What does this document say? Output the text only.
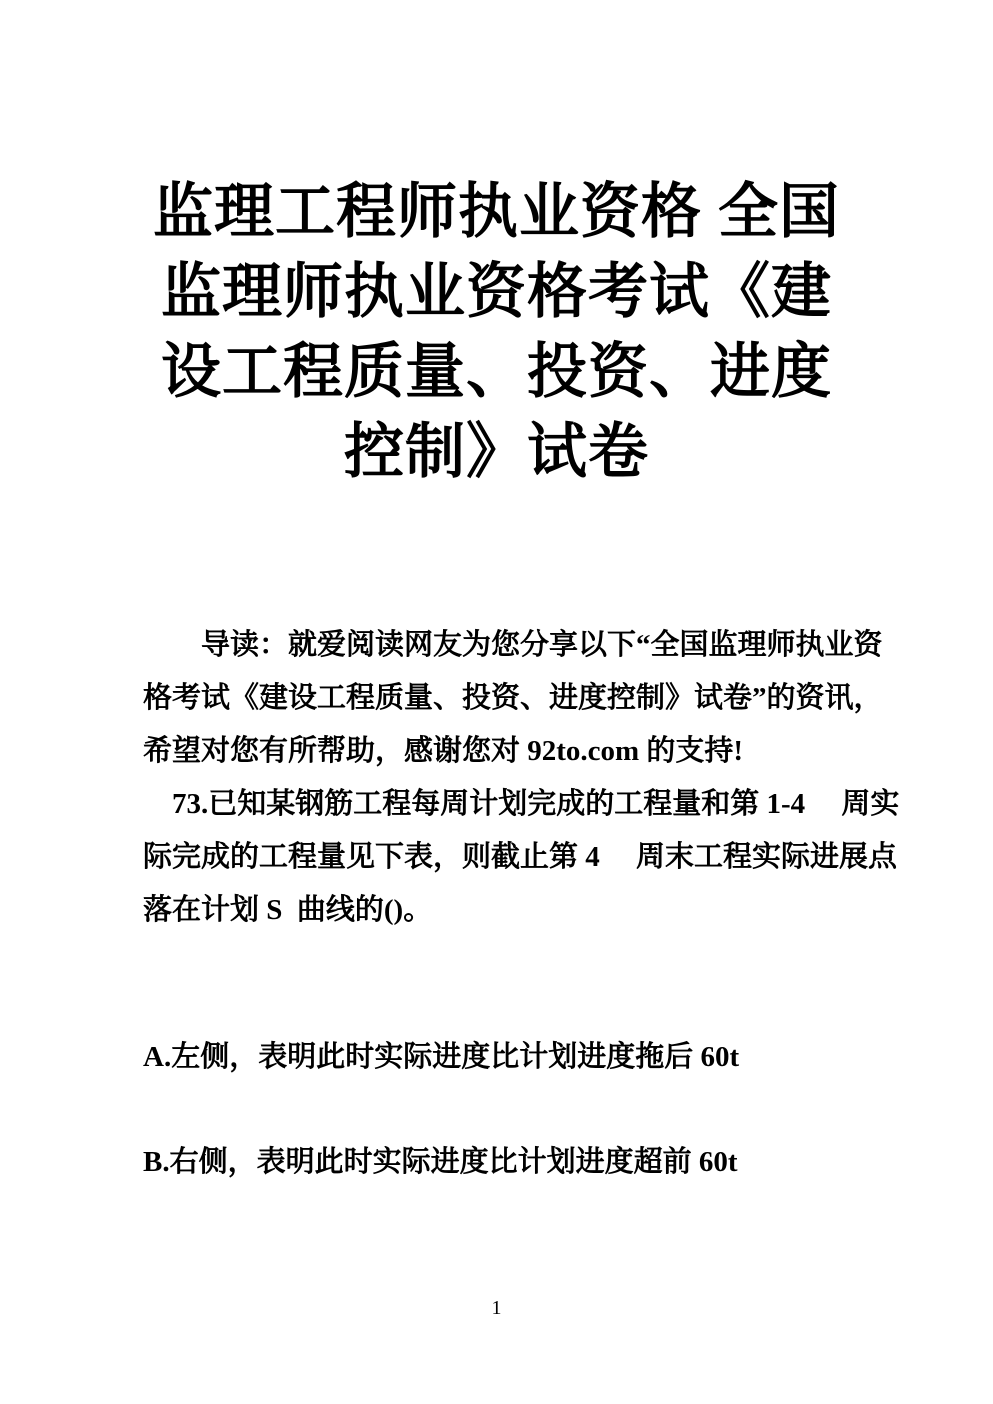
监理工程师执业资格 全国
监理师执业资格考试《建
设工程质量、投资、进度
控制》试卷
导读：就爱阅读网友为您分享以下“全国监理师执业资
格考试《建设工程质量、投资、进度控制》试卷”的资讯，
希望对您有所帮助，感谢您对 92to.com 的支持!
73.已知某钢筋工程每周计划完成的工程量和第 1-4　 周实
际完成的工程量见下表，则截止第 4　 周末工程实际进展点
落在计划 S  曲线的()。
A.左侧，表明此时实际进度比计划进度拖后 60t
B.右侧，表明此时实际进度比计划进度超前 60t
1
